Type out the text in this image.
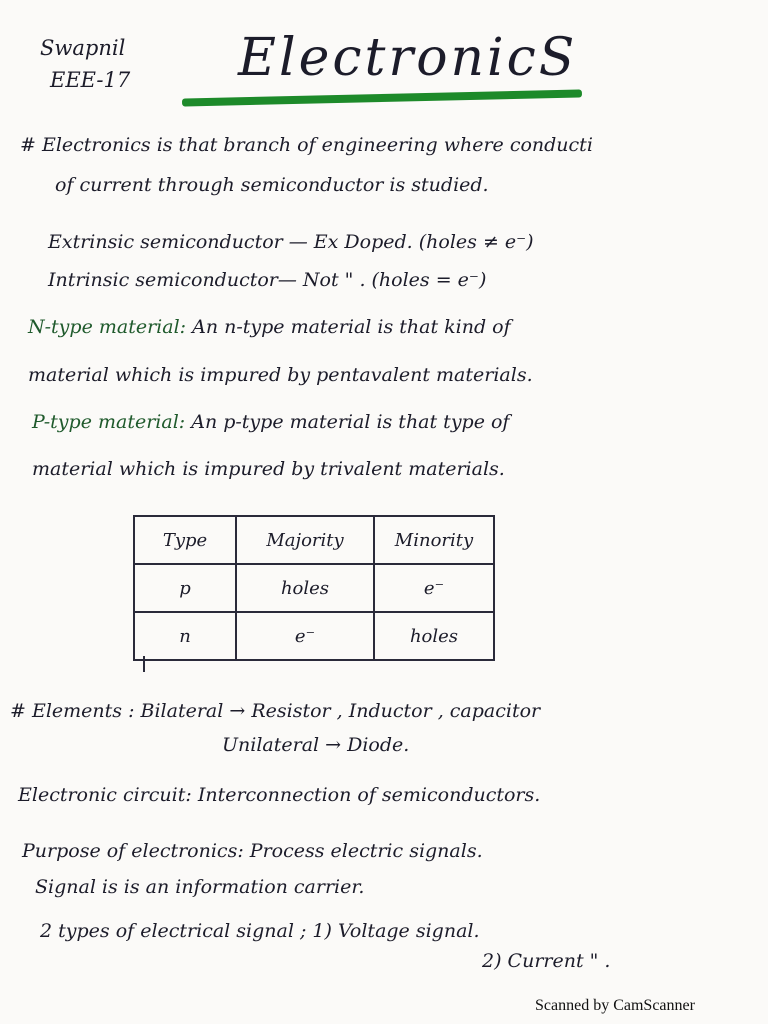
Swapnil
EEE-17 ElectronicS
# Electronics is that branch of engineering where conducti
of current through semiconductor is studied.
Extrinsic semiconductor — Ex Doped. (holes ≠ e⁻)
Intrinsic semiconductor— Not " . (holes = e⁻)
N-type material: An n-type material is that kind of
material which is impured by pentavalent materials.
P-type material: An p-type material is that type of
material which is impured by trivalent materials.
Type	Majority	Minority
p	holes	e⁻
n	e⁻	holes
# Elements : Bilateral → Resistor , Inductor , capacitor
Unilateral → Diode.
Electronic circuit: Interconnection of semiconductors.
Purpose of electronics: Process electric signals.
Signal is is an information carrier.
2 types of electrical signal ; 1) Voltage signal.
2) Current " .
Scanned by CamScanner
